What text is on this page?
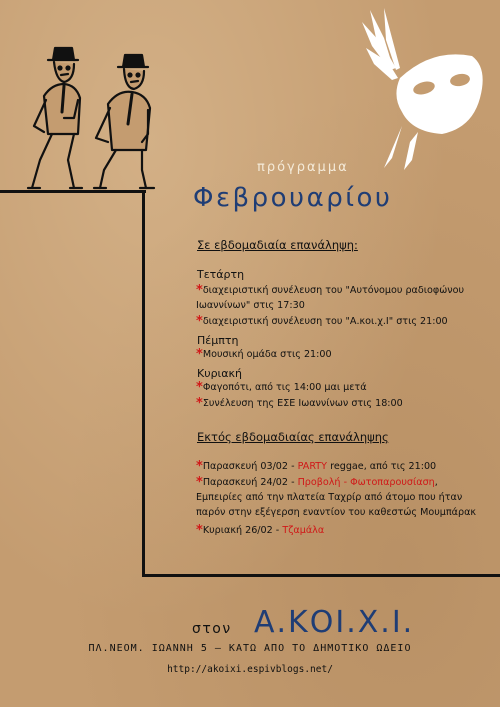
πρόγραμμα
Φεβρουαρίου
Σε εβδομαδιαία επανάληψη:
Τετάρτη
*διαχειριστική συνέλευση του "Αυτόνομου ραδιοφώνου Ιωαννίνων" στις 17:30
*διαχειριστική συνέλευση του "Α.κοι.χ.Ι" στις 21:00
Πέμπτη
*Μουσική ομάδα στις 21:00
Κυριακή
*Φαγοπότι, από τις 14:00 μαι μετά
*Συνέλευση της ΕΣΕ Ιωαννίνων στις 18:00
Εκτός εβδομαδιαίας επανάληψης
*Παρασκευή 03/02 - PARTY reggae, από τις 21:00
*Παρασκευή 24/02 - Προβολή - Φωτοπαρουσίαση,
Εμπειρίες από την πλατεία Ταχρίρ από άτομο που ήταν
παρόν στην εξέγερση εναντίον του καθεστώς Μουμπάρακ
*Κυριακή 26/02 - Τζαμάλα
στον Α.ΚΟΙ.Χ.Ι.
ΠΛ.ΝΕΟΜ. ΙΩΑΝΝΗ 5 – ΚΑΤΩ ΑΠΟ ΤΟ ΔΗΜΟΤΙΚΟ ΩΔΕΙΟ
http://akoixi.espivblogs.net/
